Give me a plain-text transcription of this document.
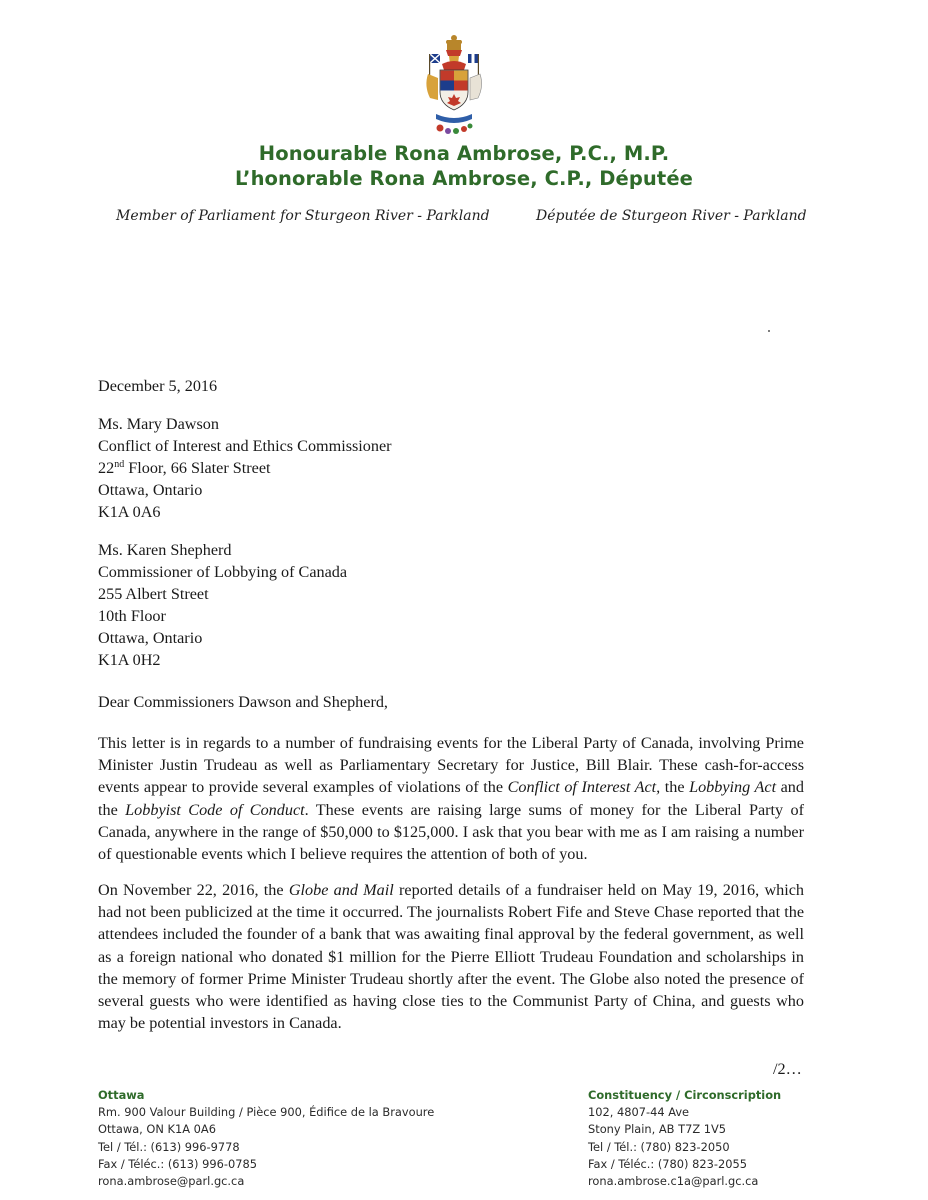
Honourable Rona Ambrose, P.C., M.P.
L’honorable Rona Ambrose, C.P., Députée
Member of Parliament for Sturgeon River - Parkland	Députée de Sturgeon River - Parkland
December 5, 2016
Ms. Mary Dawson
Conflict of Interest and Ethics Commissioner
22nd Floor, 66 Slater Street
Ottawa, Ontario
K1A 0A6
Ms. Karen Shepherd
Commissioner of Lobbying of Canada
255 Albert Street
10th Floor
Ottawa, Ontario
K1A 0H2
Dear Commissioners Dawson and Shepherd,
This letter is in regards to a number of fundraising events for the Liberal Party of Canada, involving Prime Minister Justin Trudeau as well as Parliamentary Secretary for Justice, Bill Blair. These cash-for-access events appear to provide several examples of violations of the Conflict of Interest Act, the Lobbying Act and the Lobbyist Code of Conduct. These events are raising large sums of money for the Liberal Party of Canada, anywhere in the range of $50,000 to $125,000. I ask that you bear with me as I am raising a number of questionable events which I believe requires the attention of both of you.
On November 22, 2016, the Globe and Mail reported details of a fundraiser held on May 19, 2016, which had not been publicized at the time it occurred. The journalists Robert Fife and Steve Chase reported that the attendees included the founder of a bank that was awaiting final approval by the federal government, as well as a foreign national who donated $1 million for the Pierre Elliott Trudeau Foundation and scholarships in the memory of former Prime Minister Trudeau shortly after the event. The Globe also noted the presence of several guests who were identified as having close ties to the Communist Party of China, and guests who may be potential investors in Canada.
/2…
Ottawa
Rm. 900 Valour Building / Pièce 900, Édifice de la Bravoure
Ottawa, ON K1A 0A6
Tel / Tél.: (613) 996-9778
Fax / Téléc.: (613) 996-0785
rona.ambrose@parl.gc.ca
Constituency / Circonscription
102, 4807-44 Ave
Stony Plain, AB T7Z 1V5
Tel / Tél.: (780) 823-2050
Fax / Téléc.: (780) 823-2055
rona.ambrose.c1a@parl.gc.ca
